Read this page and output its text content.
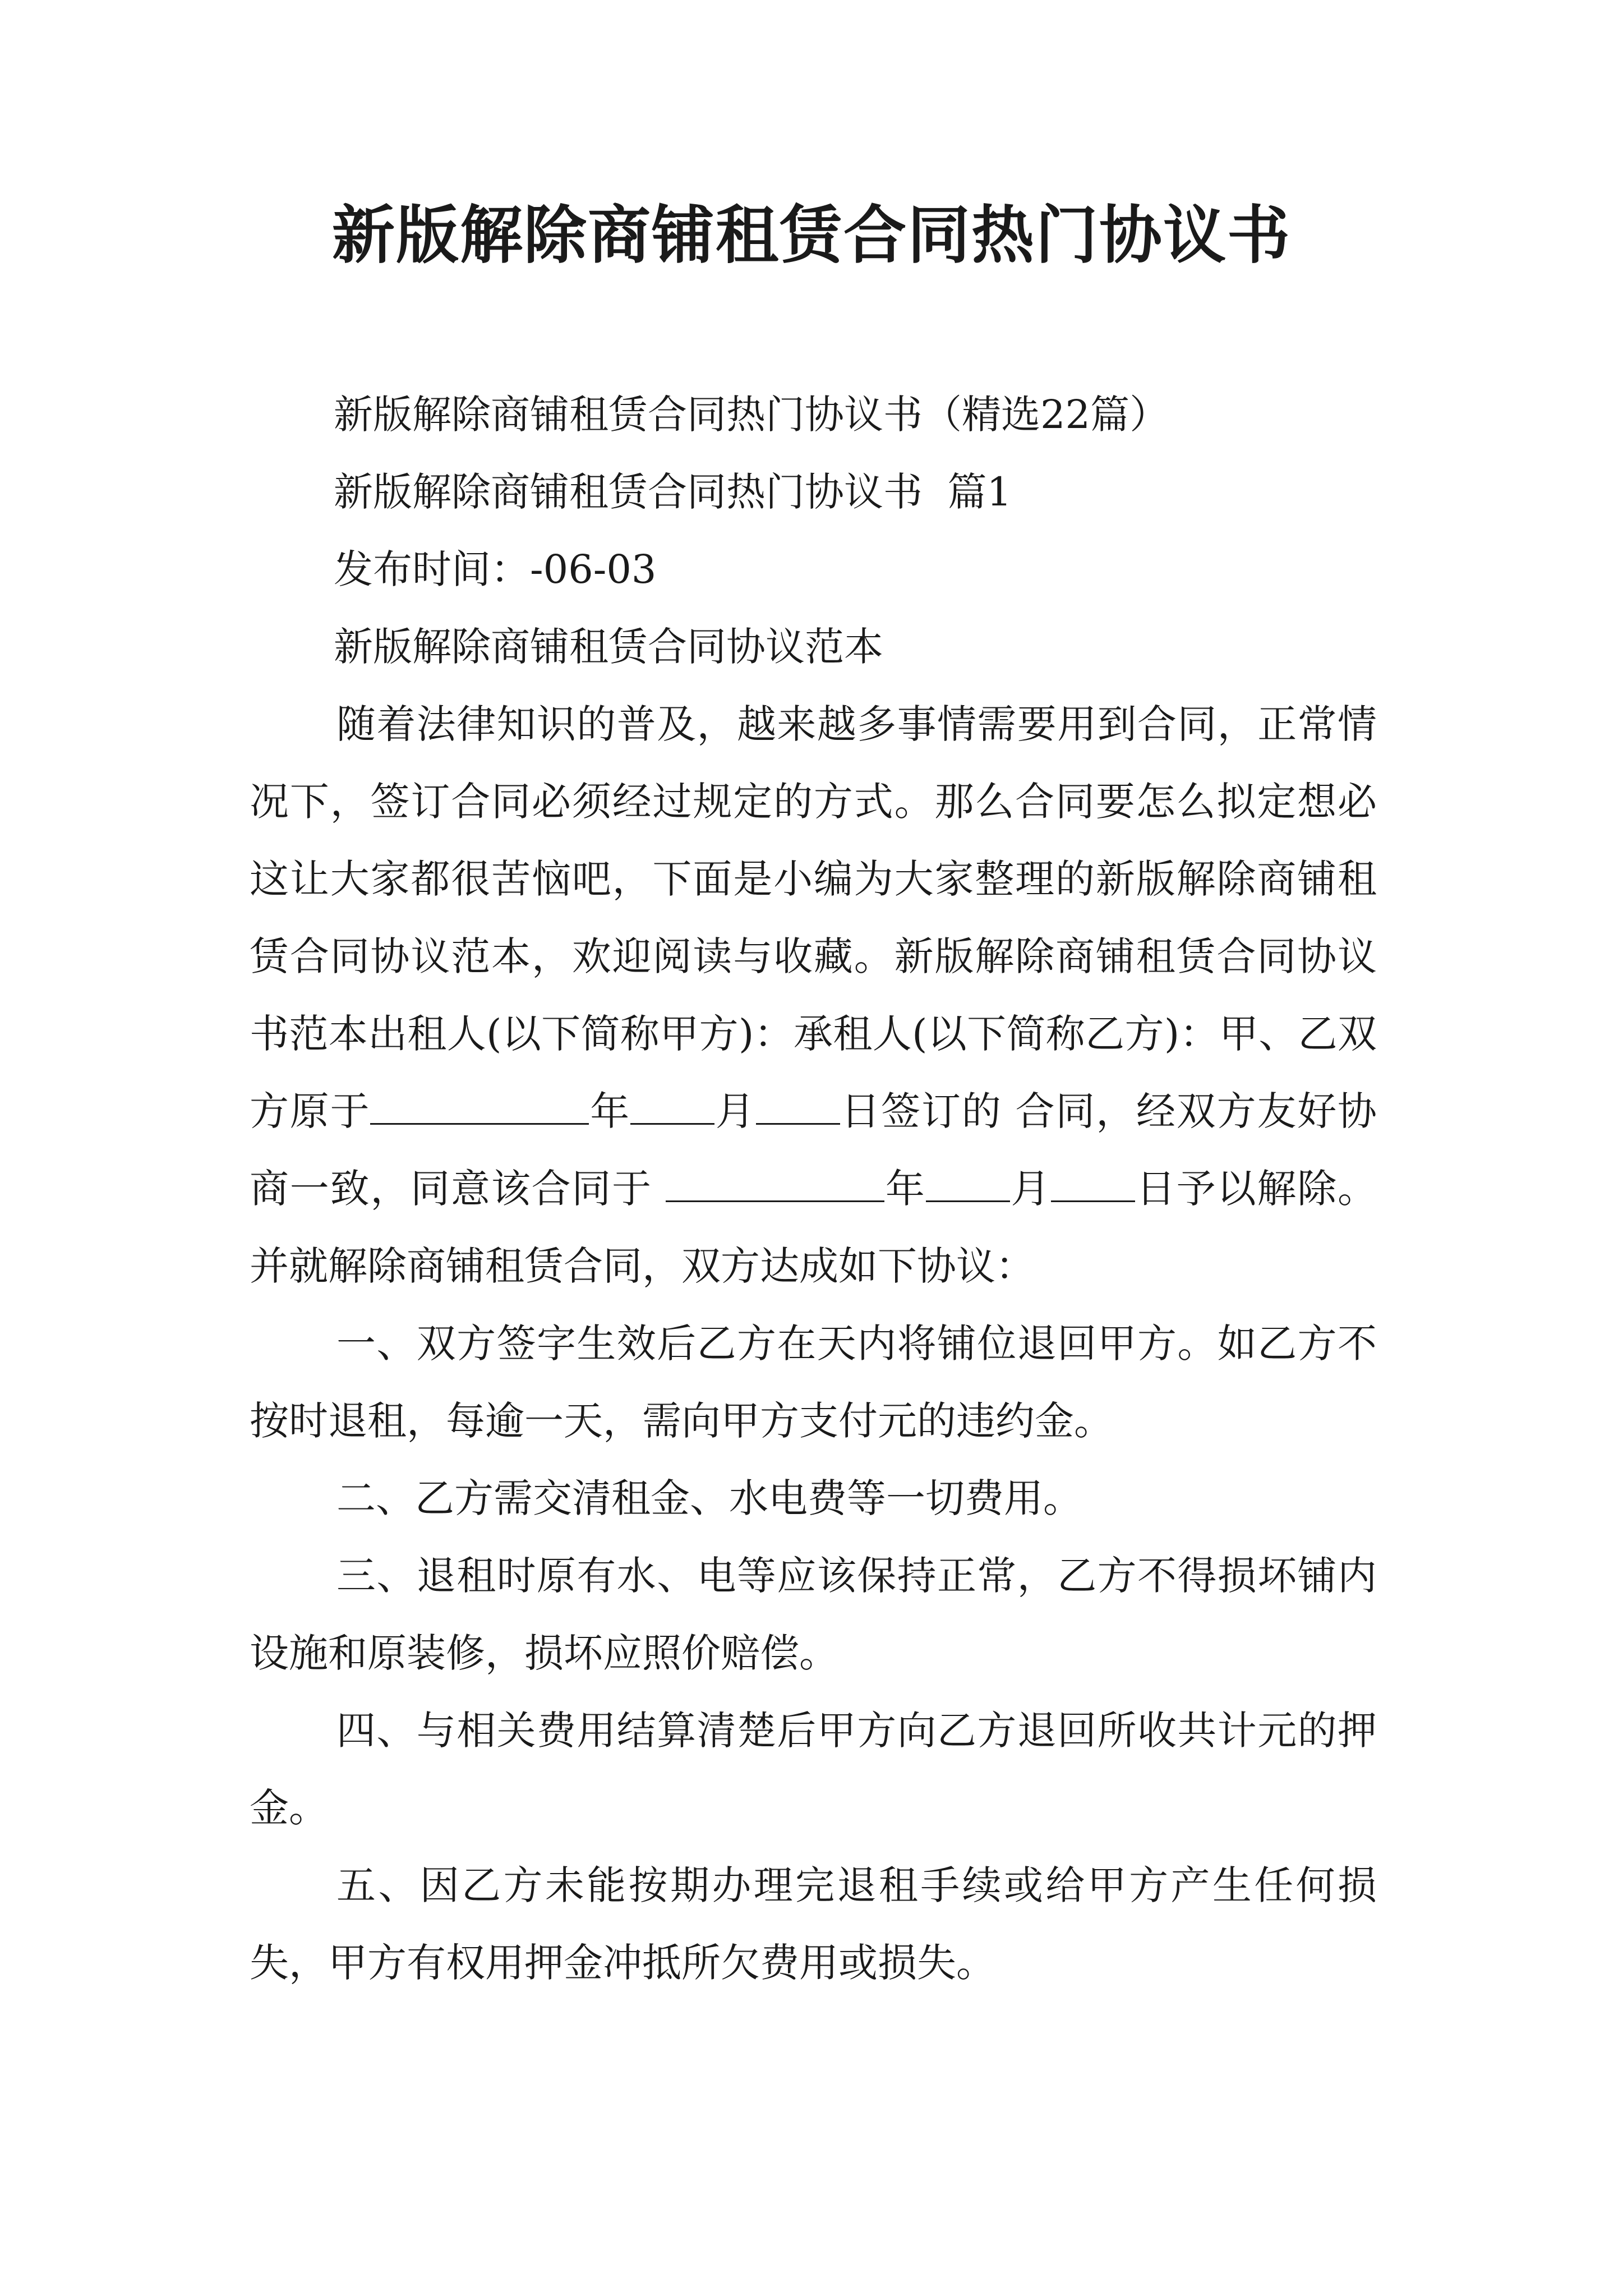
新版解除商铺租赁合同热门协议书
新版解除商铺租赁合同热门协议书（精选22篇）
新版解除商铺租赁合同热门协议书  篇1
发布时间：-06-03
新版解除商铺租赁合同协议范本

随着法律知识的普及，越来越多事情需要用到合同，正常情况下，签订合同必须经过规定的方式。那么合同要怎么拟定想必这让大家都很苦恼吧，下面是小编为大家整理的新版解除商铺租赁合同协议范本，欢迎阅读与收藏。新版解除商铺租赁合同协议书范本出租人(以下简称甲方)：承租人(以下简称乙方)：甲、乙双方原于	年 月 日签订的 合同，经双方友好协商一致，同意该合同于	年 月 日予以解除。并就解除商铺租赁合同，双方达成如下协议：

一、双方签字生效后乙方在天内将铺位退回甲方。如乙方不按时退租，每逾一天，需向甲方支付元的违约金。

二、乙方需交清租金、水电费等一切费用。

三、退租时原有水、电等应该保持正常，乙方不得损坏铺内设施和原装修，损坏应照价赔偿。

四、与相关费用结算清楚后甲方向乙方退回所收共计元的押金。

五、因乙方未能按期办理完退租手续或给甲方产生任何损失，甲方有权用押金冲抵所欠费用或损失。
